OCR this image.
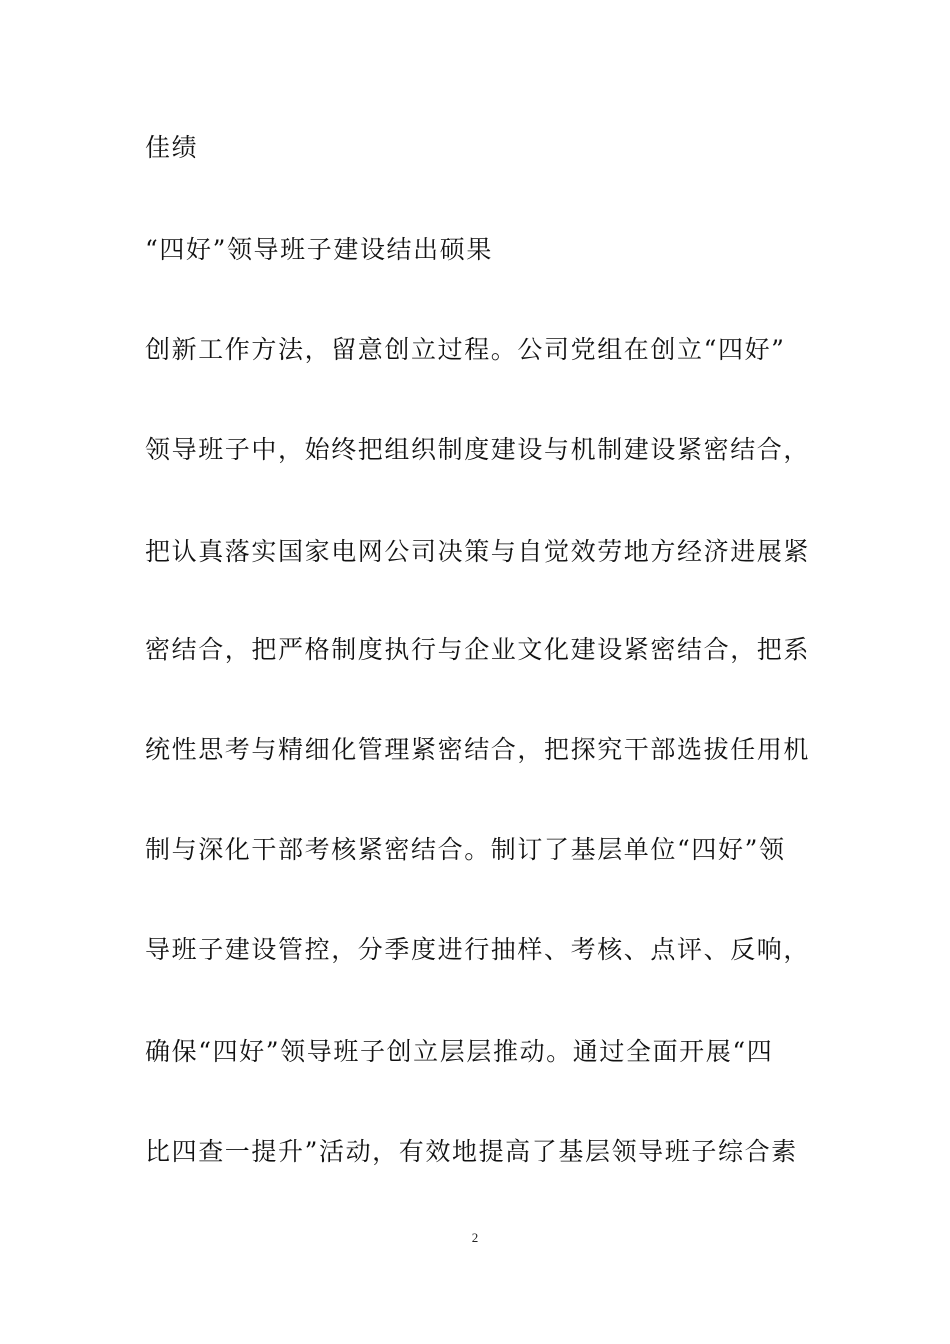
佳绩
“四好”领导班子建设结出硕果
创新工作方法，留意创立过程。公司党组在创立“四好”
领导班子中，始终把组织制度建设与机制建设紧密结合，
把认真落实国家电网公司决策与自觉效劳地方经济进展紧
密结合，把严格制度执行与企业文化建设紧密结合，把系
统性思考与精细化管理紧密结合，把探究干部选拔任用机
制与深化干部考核紧密结合。制订了基层单位“四好”领
导班子建设管控，分季度进行抽样、考核、点评、反响，
确保“四好”领导班子创立层层推动。通过全面开展“四
比四查一提升”活动，有效地提高了基层领导班子综合素
2
